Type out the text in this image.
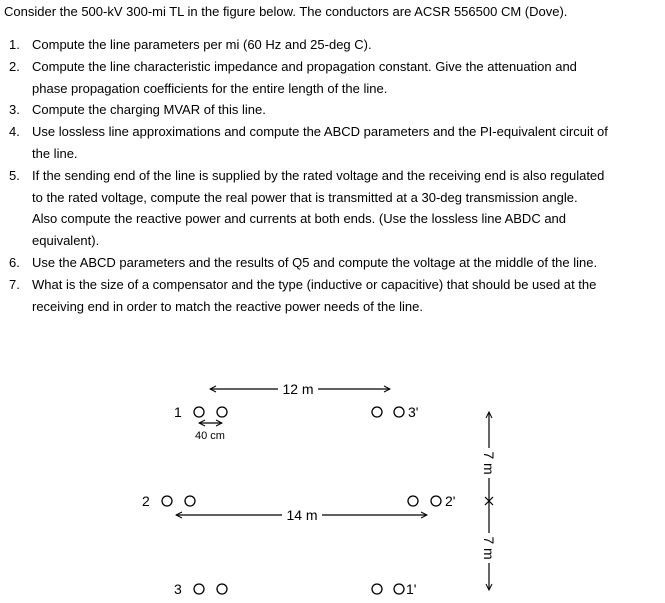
Consider the 500-kV 300-mi TL in the figure below. The conductors are ACSR 556500 CM (Dove).
1. Compute the line parameters per mi (60 Hz and 25-deg C).
2. Compute the line characteristic impedance and propagation constant. Give the attenuation and
phase propagation coefficients for the entire length of the line.
3. Compute the charging MVAR of this line.
4. Use lossless line approximations and compute the ABCD parameters and the PI-equivalent circuit of
the line.
5. If the sending end of the line is supplied by the rated voltage and the receiving end is also regulated
to the rated voltage, compute the real power that is transmitted at a 30-deg transmission angle.
Also compute the reactive power and currents at both ends. (Use the lossless line ABDC and
equivalent).
6. Use the ABCD parameters and the results of Q5 and compute the voltage at the middle of the line.
7. What is the size of a compensator and the type (inductive or capacitive) that should be used at the
receiving end in order to match the reactive power needs of the line.
12 m
40 cm
14 m
1	3'
2	2'
3	1'
7 m
7 m
